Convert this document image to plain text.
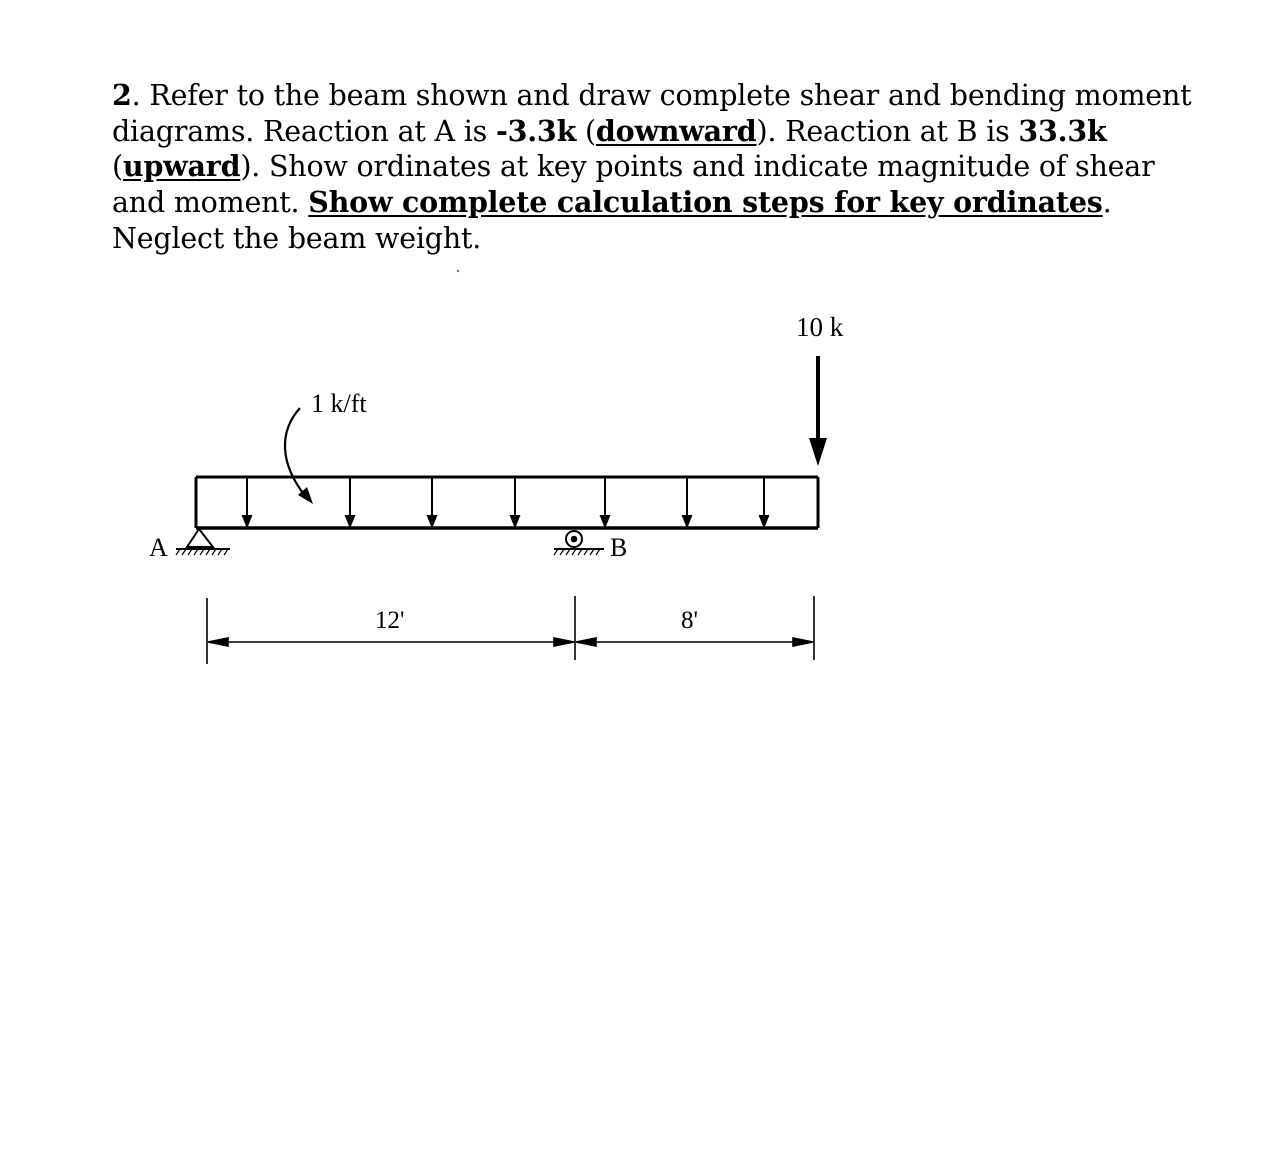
2. Refer to the beam shown and draw complete shear and bending moment diagrams. Reaction at A is -3.3k (downward). Reaction at B is 33.3k (upward). Show ordinates at key points and indicate magnitude of shear and moment. Show complete calculation steps for key ordinates. Neglect the beam weight.
10 k
1 k/ft
A	B
12'	8'
